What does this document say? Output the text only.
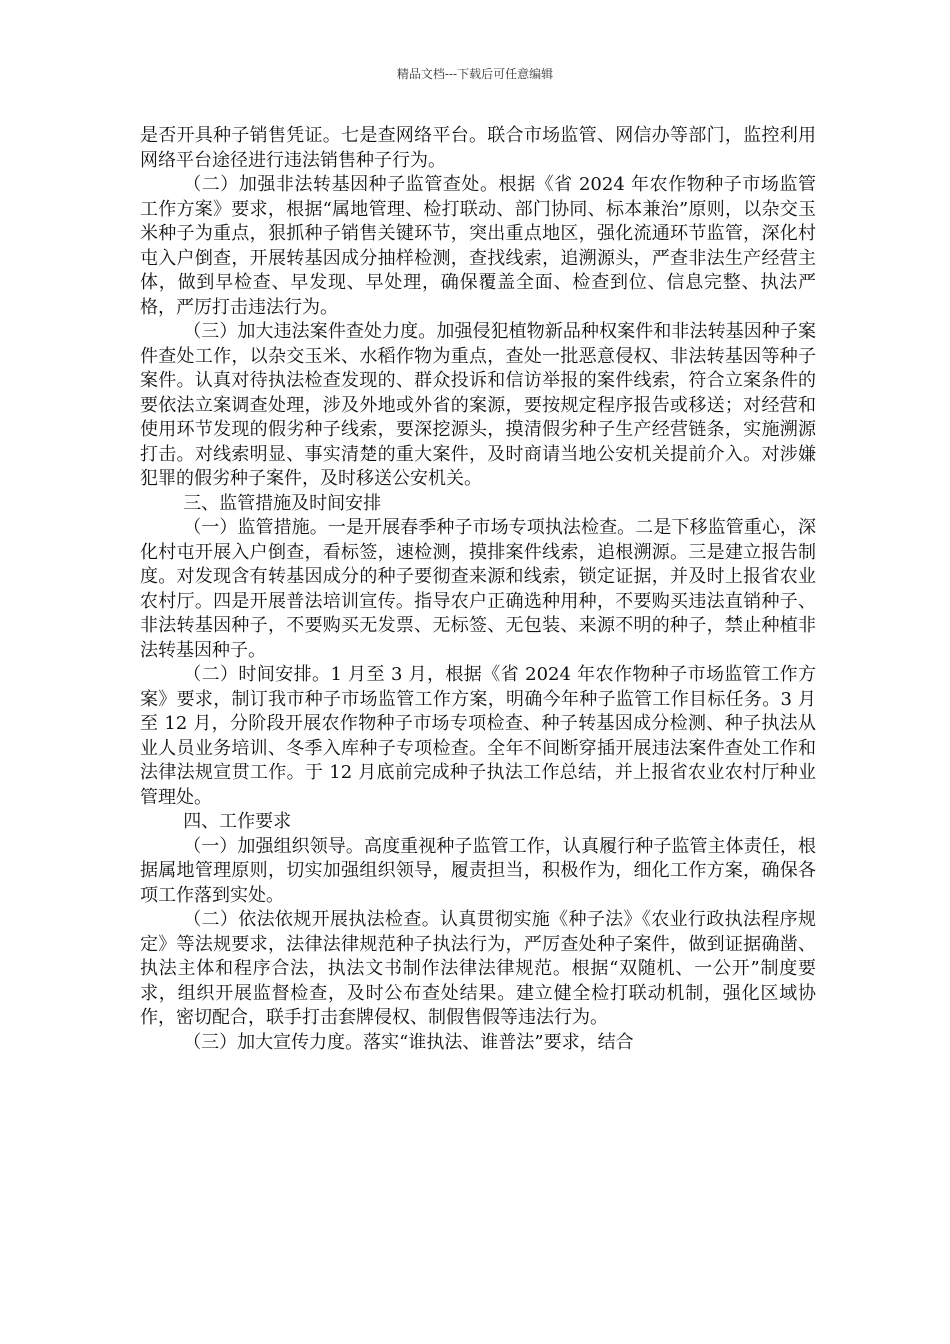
精品文档---下载后可任意编辑

是否开具种子销售凭证。七是查网络平台。联合市场监管、网信办等部门，监控利用网络平台途径进行违法销售种子行为。

（二）加强非法转基因种子监管查处。根据《省 2024 年农作物种子市场监管工作方案》要求，根据“属地管理、检打联动、部门协同、标本兼治”原则，以杂交玉米种子为重点，狠抓种子销售关键环节，突出重点地区，强化流通环节监管，深化村屯入户倒查，开展转基因成分抽样检测，查找线索，追溯源头，严查非法生产经营主体，做到早检查、早发现、早处理，确保覆盖全面、检查到位、信息完整、执法严格，严厉打击违法行为。

（三）加大违法案件查处力度。加强侵犯植物新品种权案件和非法转基因种子案件查处工作，以杂交玉米、水稻作物为重点，查处一批恶意侵权、非法转基因等种子案件。认真对待执法检查发现的、群众投诉和信访举报的案件线索，符合立案条件的要依法立案调查处理，涉及外地或外省的案源，要按规定程序报告或移送；对经营和使用环节发现的假劣种子线索，要深挖源头，摸清假劣种子生产经营链条，实施溯源打击。对线索明显、事实清楚的重大案件，及时商请当地公安机关提前介入。对涉嫌犯罪的假劣种子案件，及时移送公安机关。

三、监管措施及时间安排

（一）监管措施。一是开展春季种子市场专项执法检查。二是下移监管重心，深化村屯开展入户倒查，看标签，速检测，摸排案件线索，追根溯源。三是建立报告制度。对发现含有转基因成分的种子要彻查来源和线索，锁定证据，并及时上报省农业农村厅。四是开展普法培训宣传。指导农户正确选种用种，不要购买违法直销种子、非法转基因种子，不要购买无发票、无标签、无包装、来源不明的种子，禁止种植非法转基因种子。

（二）时间安排。1 月至 3 月，根据《省 2024 年农作物种子市场监管工作方案》要求，制订我市种子市场监管工作方案，明确今年种子监管工作目标任务。3 月至 12 月，分阶段开展农作物种子市场专项检查、种子转基因成分检测、种子执法从业人员业务培训、冬季入库种子专项检查。全年不间断穿插开展违法案件查处工作和法律法规宣贯工作。于 12 月底前完成种子执法工作总结，并上报省农业农村厅种业管理处。

四、工作要求

（一）加强组织领导。高度重视种子监管工作，认真履行种子监管主体责任，根据属地管理原则，切实加强组织领导，履责担当，积极作为，细化工作方案，确保各项工作落到实处。

（二）依法依规开展执法检查。认真贯彻实施《种子法》《农业行政执法程序规定》等法规要求，法律法律规范种子执法行为，严厉查处种子案件，做到证据确凿、执法主体和程序合法，执法文书制作法律法律规范。根据“双随机、一公开”制度要求，组织开展监督检查，及时公布查处结果。建立健全检打联动机制，强化区域协作，密切配合，联手打击套牌侵权、制假售假等违法行为。

（三）加大宣传力度。落实“谁执法、谁普法”要求，结合
